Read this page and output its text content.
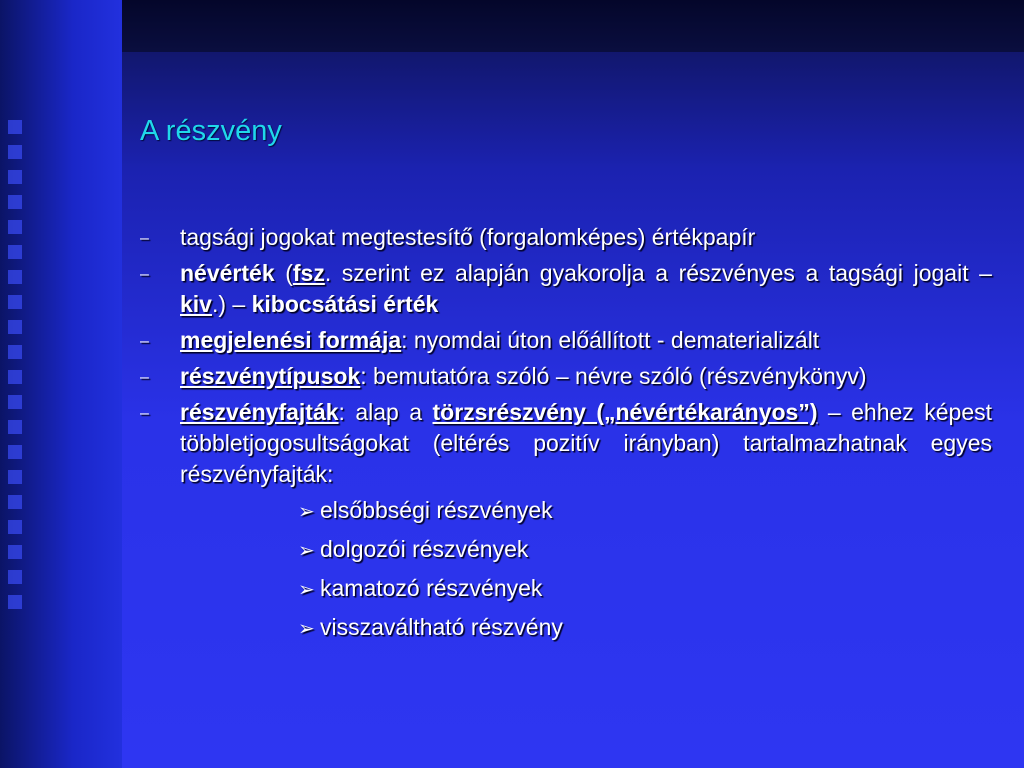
A részvény
–	tagsági jogokat megtestesítő (forgalomképes) értékpapír
–	névérték (fsz. szerint ez alapján gyakorolja a részvényes a tagsági jogait – kiv.) – kibocsátási érték
–	megjelenési formája: nyomdai úton előállított - dematerializált
–	részvénytípusok: bemutatóra szóló – névre szóló (részvénykönyv)
–	részvényfajták: alap a törzsrészvény („névértékarányos”) – ehhez képest többletjogosultságokat (eltérés pozitív irányban) tartalmazhatnak egyes részvényfajták:
➢ elsőbbségi részvények
➢ dolgozói részvények
➢ kamatozó részvények
➢ visszaváltható részvény
